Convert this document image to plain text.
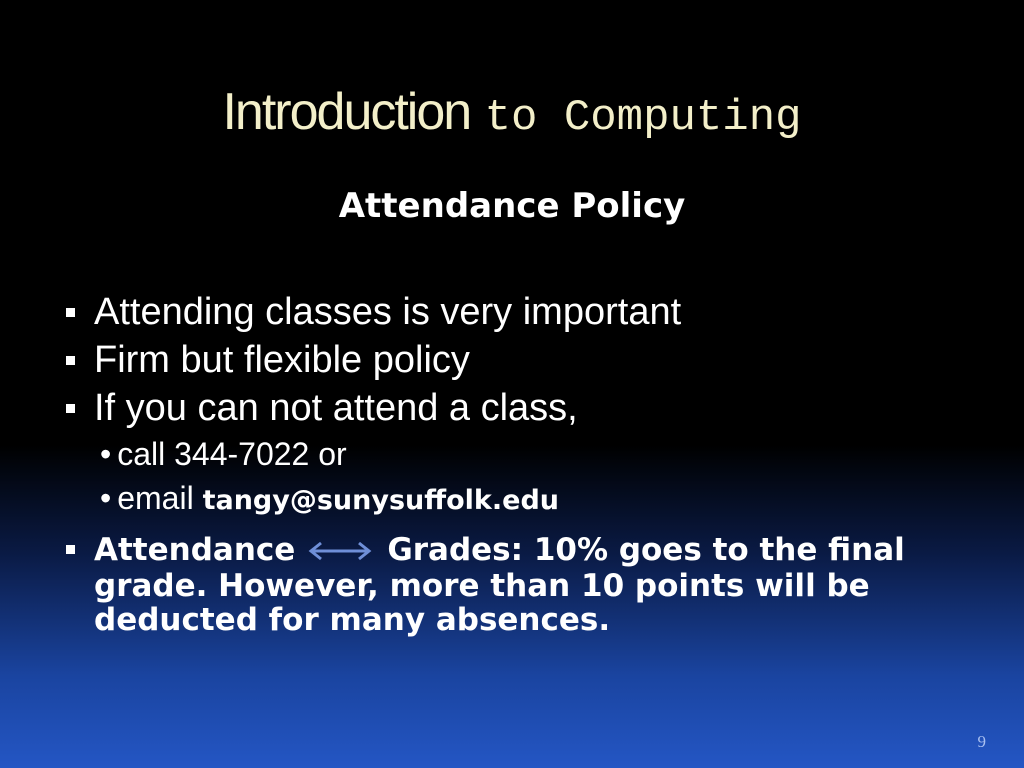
Introduction to Computing
Attendance Policy
Attending classes is very important
Firm but flexible policy
If you can not attend a class,
• call 344-7022 or
• email tangy@sunysuffolk.edu
Attendance	Grades: 10% goes to the final grade. However, more than 10 points will be deducted for many absences.
9
